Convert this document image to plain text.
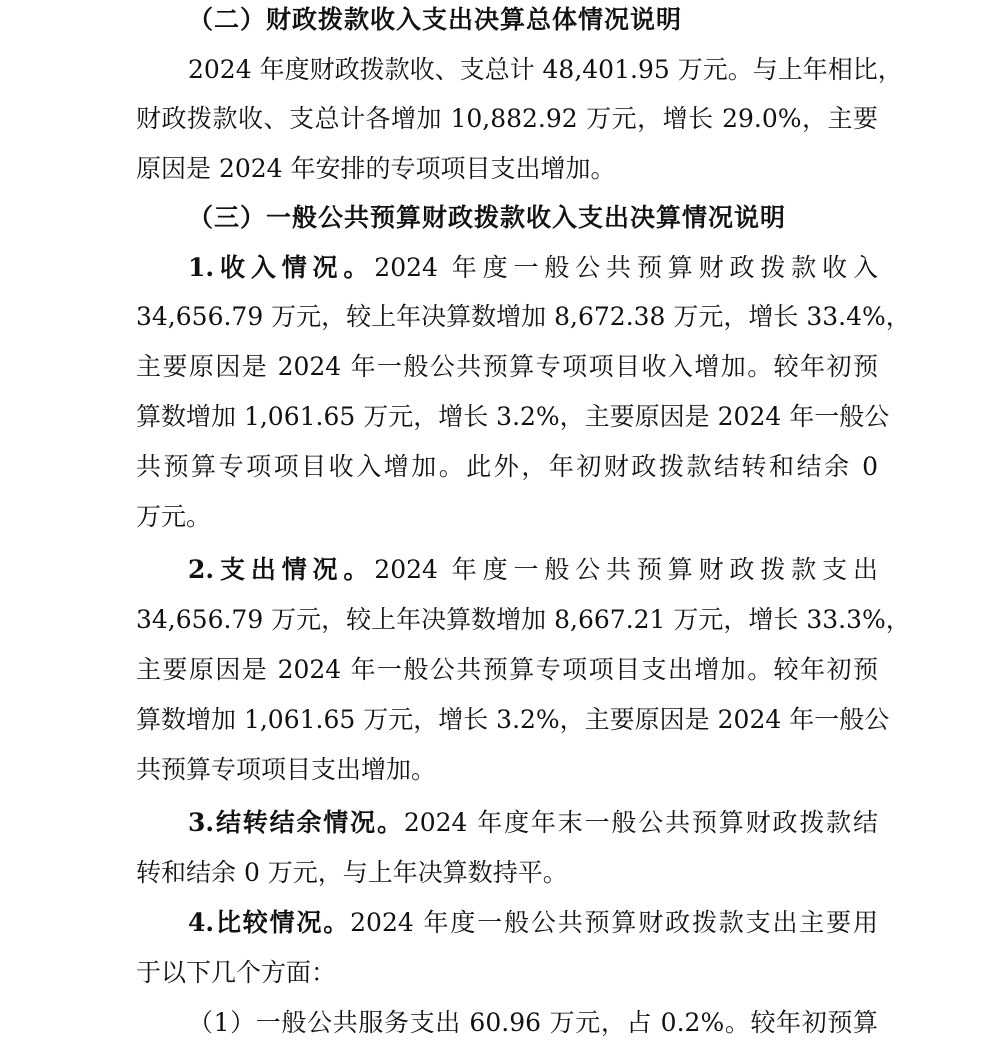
（二）财政拨款收入支出决算总体情况说明
2024 年度财政拨款收、支总计 48,401.95 万元。与上年相比，
财政拨款收、支总计各增加 10,882.92 万元，增长 29.0%，主要
原因是 2024 年安排的专项项目支出增加。
（三）一般公共预算财政拨款收入支出决算情况说明
1.收入情况。2024 年度一般公共预算财政拨款收入
34,656.79 万元，较上年决算数增加 8,672.38 万元，增长 33.4%，
主要原因是 2024 年一般公共预算专项项目收入增加。较年初预
算数增加 1,061.65 万元，增长 3.2%，主要原因是 2024 年一般公
共预算专项项目收入增加。此外，年初财政拨款结转和结余 0
万元。
2.支出情况。2024 年度一般公共预算财政拨款支出
34,656.79 万元，较上年决算数增加 8,667.21 万元，增长 33.3%，
主要原因是 2024 年一般公共预算专项项目支出增加。较年初预
算数增加 1,061.65 万元，增长 3.2%，主要原因是 2024 年一般公
共预算专项项目支出增加。
3.结转结余情况。2024 年度年末一般公共预算财政拨款结
转和结余 0 万元，与上年决算数持平。
4.比较情况。2024 年度一般公共预算财政拨款支出主要用
于以下几个方面：
（1）一般公共服务支出 60.96 万元，占 0.2%。较年初预算
